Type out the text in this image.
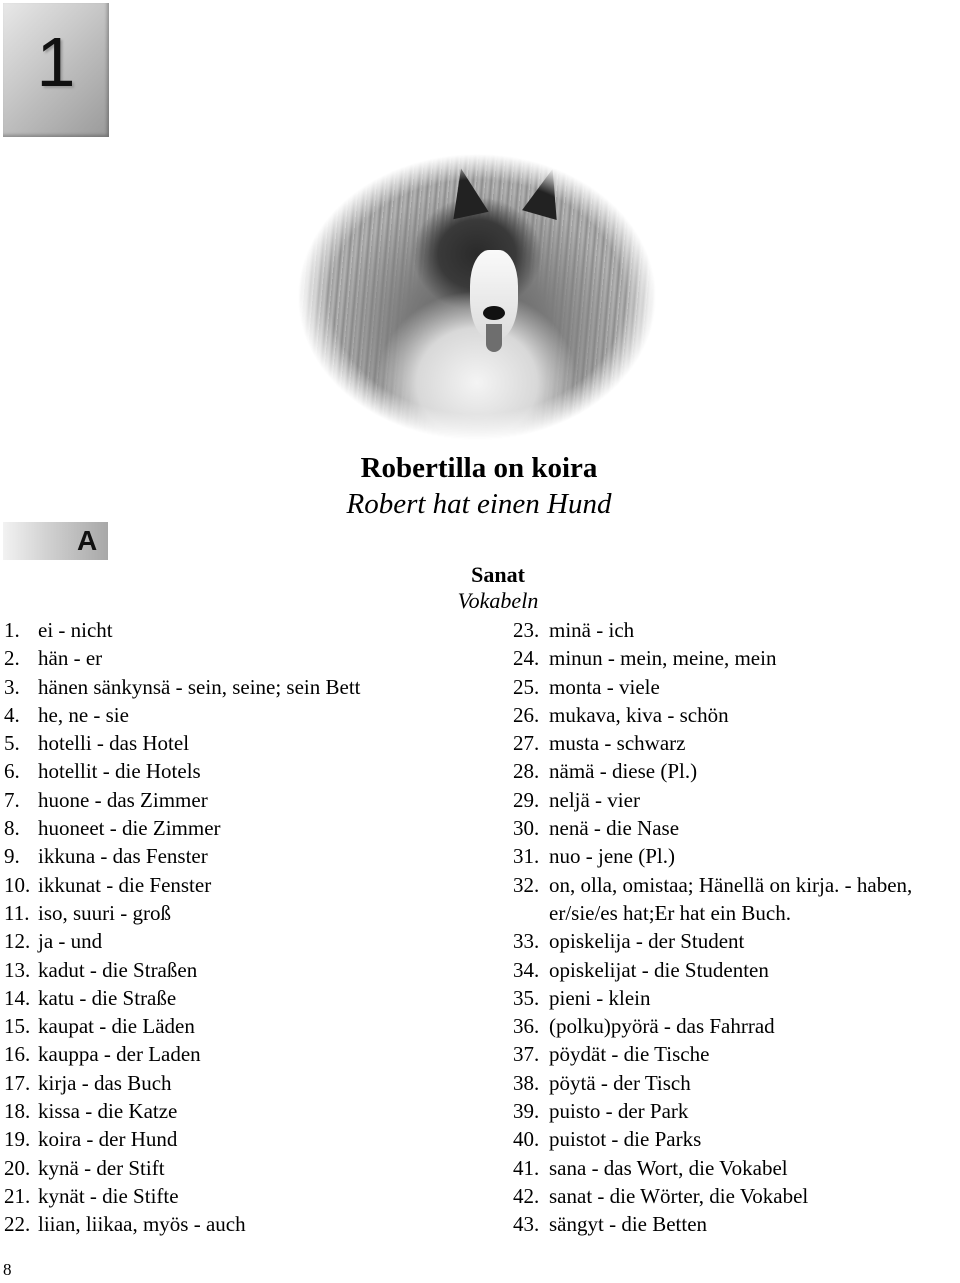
1
Robertilla on koira
Robert hat einen Hund
A
Sanat
Vokabeln
1. ei - nicht
2. hän - er
3. hänen sänkynsä - sein, seine; sein Bett
4. he, ne - sie
5. hotelli - das Hotel
6. hotellit - die Hotels
7. huone - das Zimmer
8. huoneet - die Zimmer
9. ikkuna - das Fenster
10. ikkunat - die Fenster
11. iso, suuri - groß
12. ja - und
13. kadut - die Straßen
14. katu - die Straße
15. kaupat - die Läden
16. kauppa - der Laden
17. kirja - das Buch
18. kissa - die Katze
19. koira - der Hund
20. kynä - der Stift
21. kynät - die Stifte
22. liian, liikaa, myös - auch
23. minä - ich
24. minun - mein, meine, mein
25. monta - viele
26. mukava, kiva - schön
27. musta - schwarz
28. nämä - diese (Pl.)
29. neljä - vier
30. nenä - die Nase
31. nuo - jene (Pl.)
32. on, olla, omistaa; Hänellä on kirja. - haben, er/sie/es hat;Er hat ein Buch.
33. opiskelija - der Student
34. opiskelijat - die Studenten
35. pieni - klein
36. (polku)pyörä - das Fahrrad
37. pöydät - die Tische
38. pöytä - der Tisch
39. puisto - der Park
40. puistot - die Parks
41. sana - das Wort, die Vokabel
42. sanat - die Wörter, die Vokabel
43. sängyt - die Betten
8
